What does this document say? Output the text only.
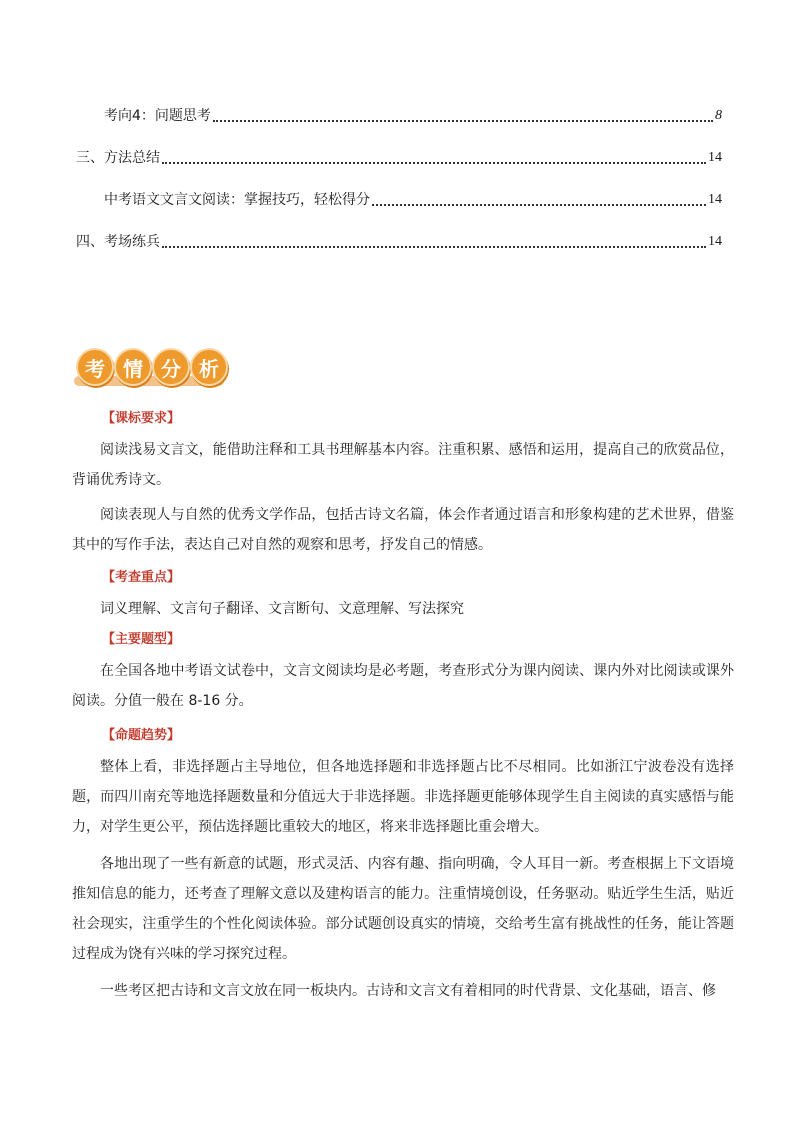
考向4：问题思考	8
三、方法总结	14
中考语文文言文阅读：掌握技巧，轻松得分	14
四、考场练兵	14
考 情 分 析
【课标要求】
阅读浅易文言文，能借助注释和工具书理解基本内容。注重积累、感悟和运用，提高自己的欣赏品位，背诵优秀诗文。
阅读表现人与自然的优秀文学作品，包括古诗文名篇，体会作者通过语言和形象构建的艺术世界，借鉴其中的写作手法，表达自己对自然的观察和思考，抒发自己的情感。
【考查重点】
词义理解、文言句子翻译、文言断句、文意理解、写法探究
【主要题型】
在全国各地中考语文试卷中，文言文阅读均是必考题，考查形式分为课内阅读、课内外对比阅读或课外阅读。分值一般在 8-16 分。
【命题趋势】
整体上看，非选择题占主导地位，但各地选择题和非选择题占比不尽相同。比如浙江宁波卷没有选择题，而四川南充等地选择题数量和分值远大于非选择题。非选择题更能够体现学生自主阅读的真实感悟与能力，对学生更公平，预估选择题比重较大的地区，将来非选择题比重会增大。
各地出现了一些有新意的试题，形式灵活、内容有趣、指向明确，令人耳目一新。考查根据上下文语境推知信息的能力，还考查了理解文意以及建构语言的能力。注重情境创设，任务驱动。贴近学生生活，贴近社会现实，注重学生的个性化阅读体验。部分试题创设真实的情境，交给考生富有挑战性的任务，能让答题过程成为饶有兴味的学习探究过程。
一些考区把古诗和文言文放在同一板块内。古诗和文言文有着相同的时代背景、文化基础，语言、修
